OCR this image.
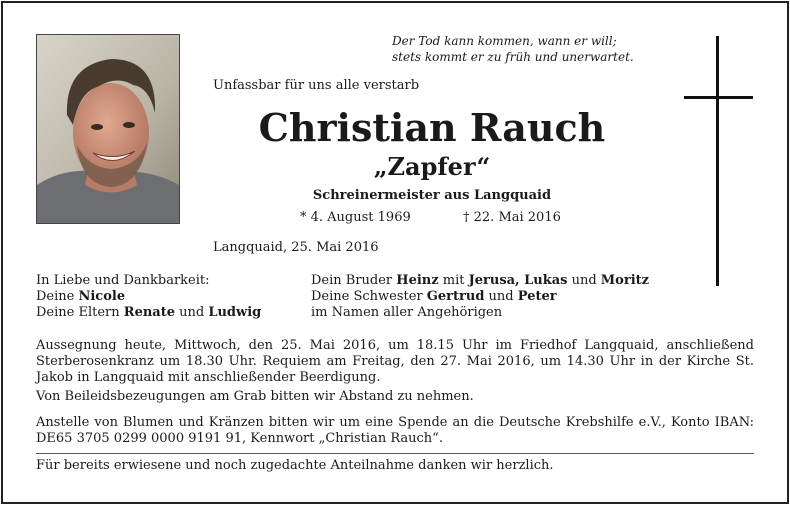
Der Tod kann kommen, wann er will;
stets kommt er zu früh und unerwartet.
Unfassbar für uns alle verstarb
Christian Rauch
„Zapfer“
Schreinermeister aus Langquaid
* 4. August 1969	† 22. Mai 2016
Langquaid, 25. Mai 2016
In Liebe und Dankbarkeit:
Deine Nicole
Deine Eltern Renate und Ludwig
Dein Bruder Heinz mit Jerusa, Lukas und Moritz
Deine Schwester Gertrud und Peter
im Namen aller Angehörigen
Aussegnung heute, Mittwoch, den 25. Mai 2016, um 18.15 Uhr im Friedhof Langquaid, anschließend Sterberosenkranz um 18.30 Uhr. Requiem am Freitag, den 27. Mai 2016, um 14.30 Uhr in der Kirche St. Jakob in Langquaid mit anschließender Beerdigung.
Von Beileidsbezeugungen am Grab bitten wir Abstand zu nehmen.
Anstelle von Blumen und Kränzen bitten wir um eine Spende an die Deutsche Krebshilfe e.V., Konto IBAN: DE65 3705 0299 0000 9191 91, Kennwort „Christian Rauch“.
Für bereits erwiesene und noch zugedachte Anteilnahme danken wir herzlich.
